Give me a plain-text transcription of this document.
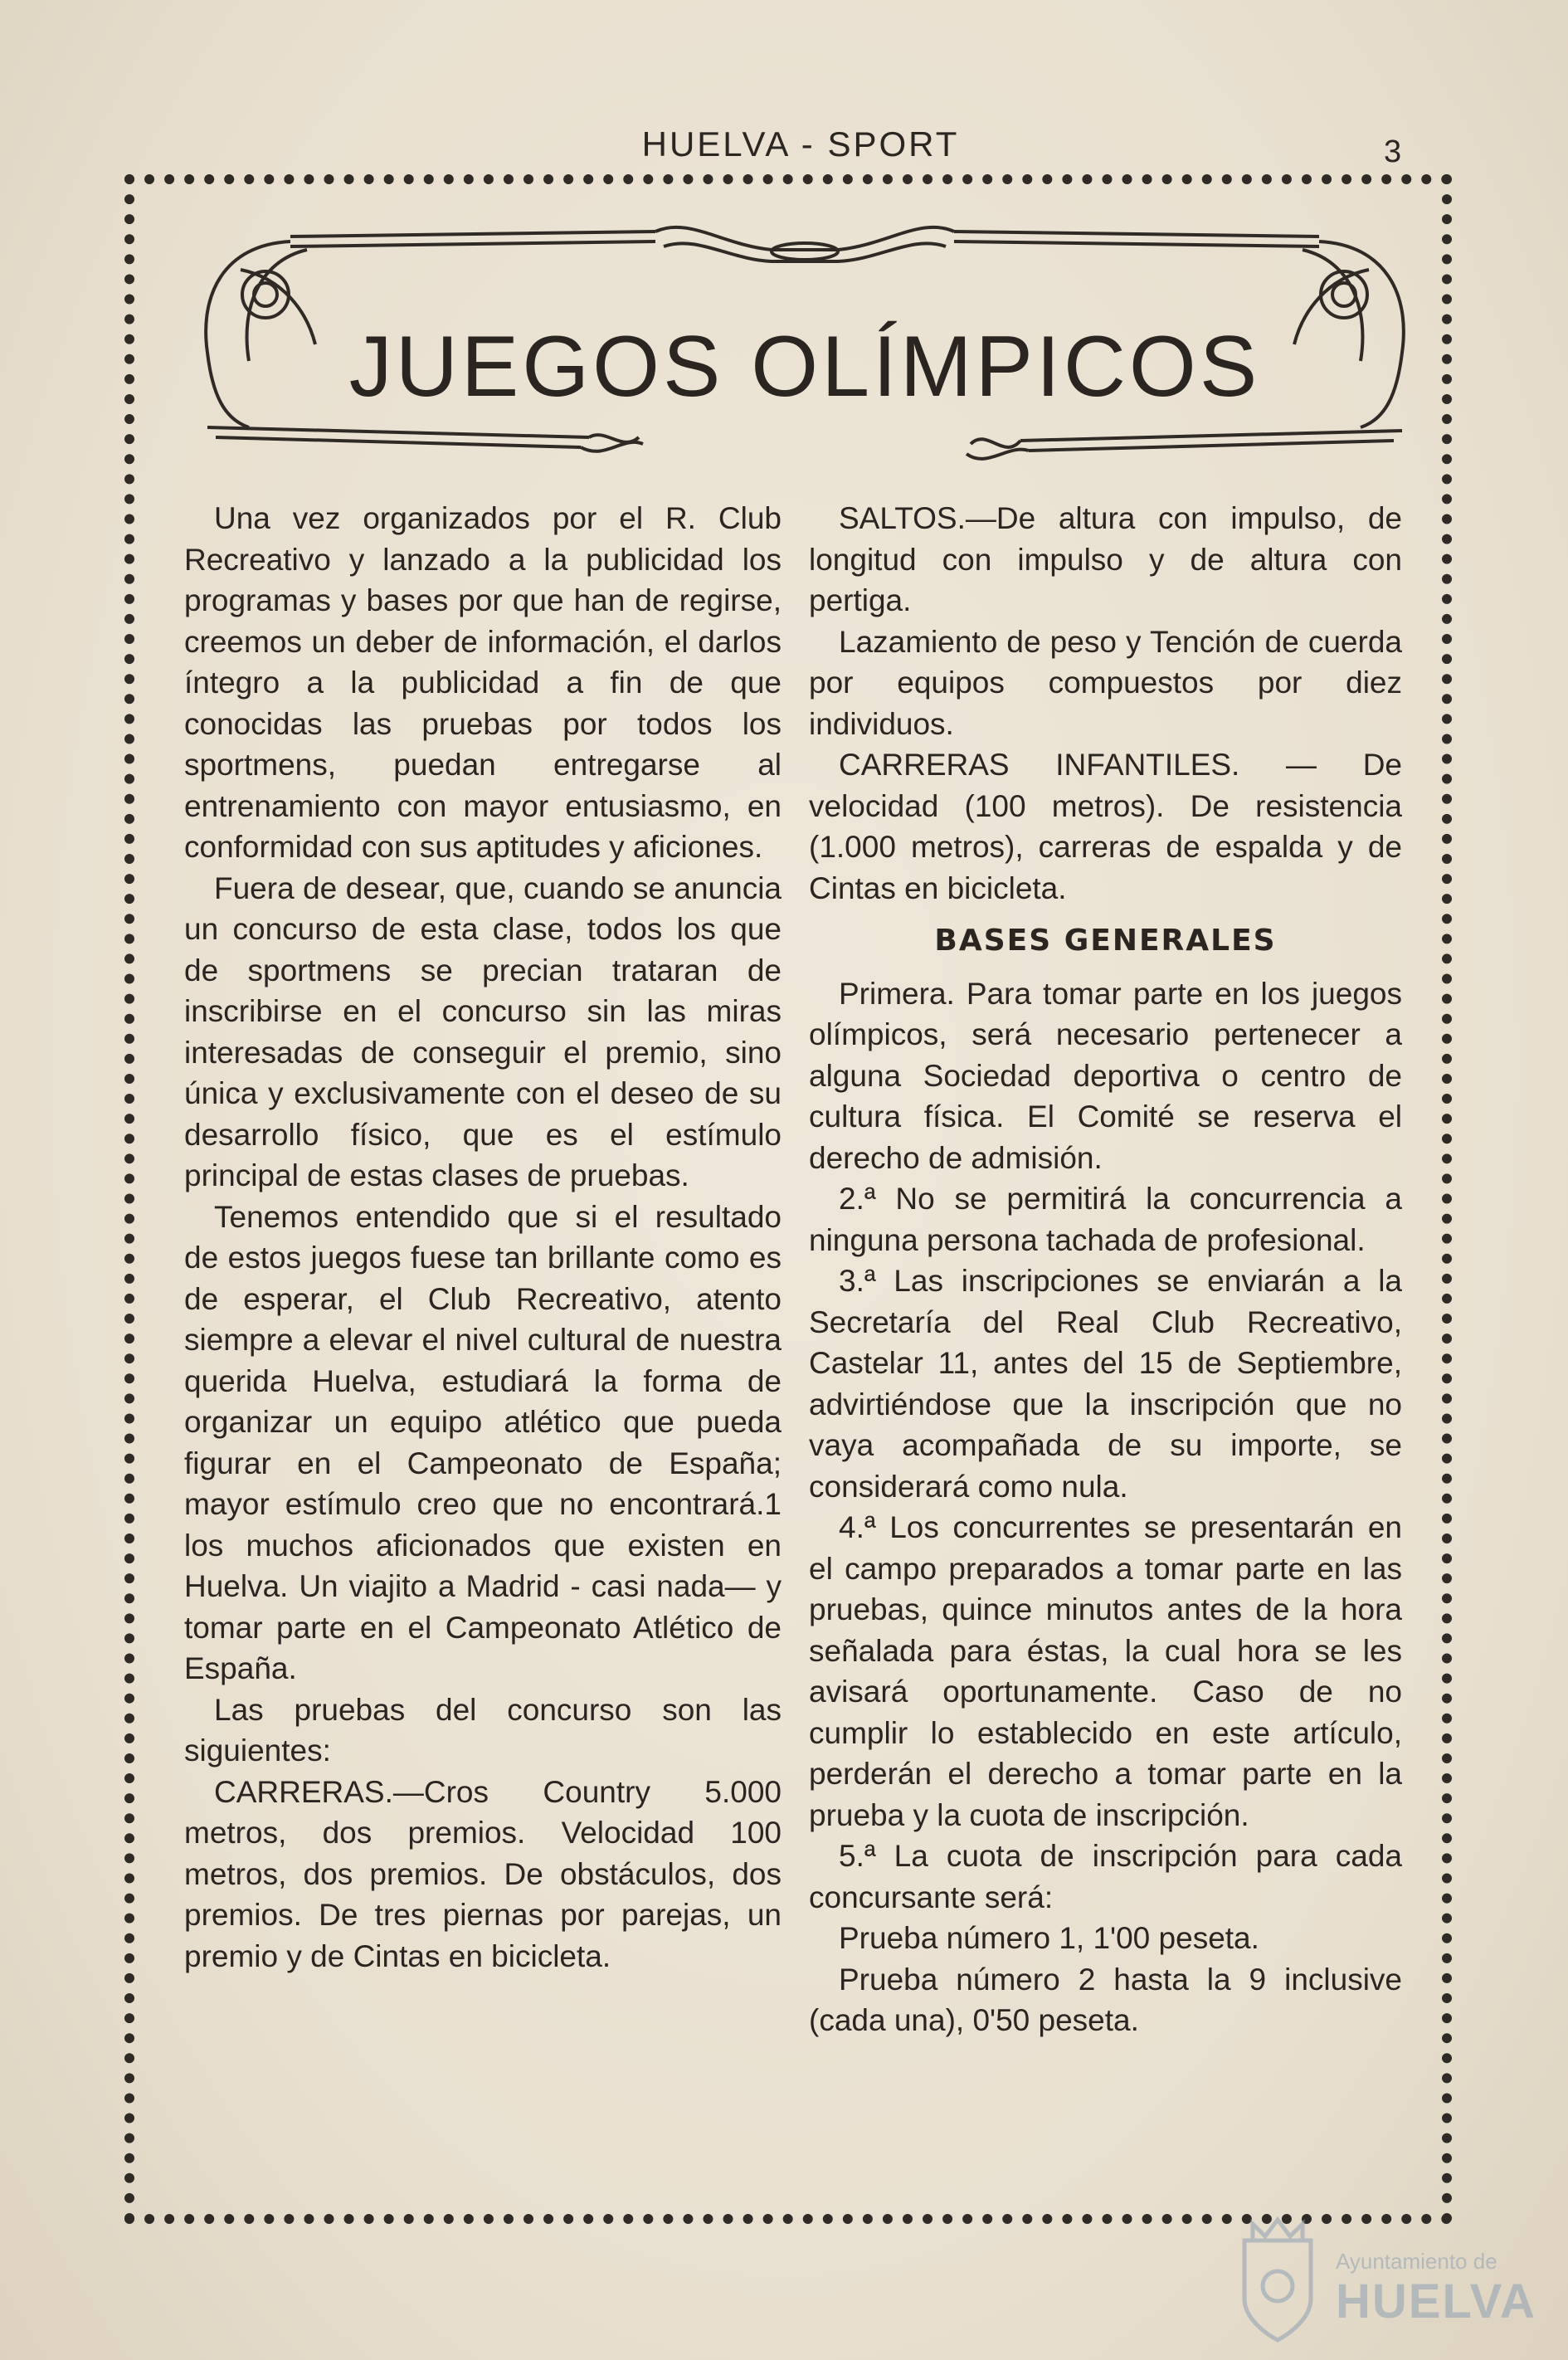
HUELVA - SPORT	3
JUEGOS OLÍMPICOS

Una vez organizados por el R. Club Recreativo y lanzado a la publicidad los programas y bases por que han de regirse, creemos un deber de información, el darlos íntegro a la publicidad a fin de que conocidas las pruebas por todos los sportmens, puedan entregarse al entrenamiento con mayor entusiasmo, en conformidad con sus aptitudes y aficiones.

Fuera de desear, que, cuando se anuncia un concurso de esta clase, todos los que de sportmens se precian trataran de inscribirse en el concurso sin las miras interesadas de conseguir el premio, sino única y exclusivamente con el deseo de su desarrollo físico, que es el estímulo principal de estas clases de pruebas.

Tenemos entendido que si el resultado de estos juegos fuese tan brillante como es de esperar, el Club Recreativo, atento siempre a elevar el nivel cultural de nuestra querida Huelva, estudiará la forma de organizar un equipo atlético que pueda figurar en el Campeonato de España; mayor estímulo creo que no encontrará.1 los muchos aficionados que existen en Huelva. Un viajito a Madrid - casi nada— y tomar parte en el Campeonato Atlético de España.

Las pruebas del concurso son las siguientes:

CARRERAS.—Cros Country 5.000 metros, dos premios. Velocidad 100 metros, dos premios. De obstáculos, dos premios. De tres piernas por parejas, un premio y de Cintas en bicicleta.

SALTOS.—De altura con impulso, de longitud con impulso y de altura con pertiga.

Lazamiento de peso y Tención de cuerda por equipos compuestos por diez individuos.

CARRERAS INFANTILES. — De velocidad (100 metros). De resistencia (1.000 metros), carreras de espalda y de Cintas en bicicleta.

BASES GENERALES

Primera. Para tomar parte en los juegos olímpicos, será necesario pertenecer a alguna Sociedad deportiva o centro de cultura física. El Comité se reserva el derecho de admisión.

2.ª No se permitirá la concurrencia a ninguna persona tachada de profesional.

3.ª Las inscripciones se enviarán a la Secretaría del Real Club Recreativo, Castelar 11, antes del 15 de Septiembre, advirtiéndose que la inscripción que no vaya acompañada de su importe, se considerará como nula.

4.ª Los concurrentes se presentarán en el campo preparados a tomar parte en las pruebas, quince minutos antes de la hora señalada para éstas, la cual hora se les avisará oportunamente. Caso de no cumplir lo establecido en este artículo, perderán el derecho a tomar parte en la prueba y la cuota de inscripción.

5.ª La cuota de inscripción para cada concursante será:

Prueba número 1, 1'00 peseta.

Prueba número 2 hasta la 9 inclusive (cada una), 0'50 peseta.

Ayuntamiento de
HUELVA
